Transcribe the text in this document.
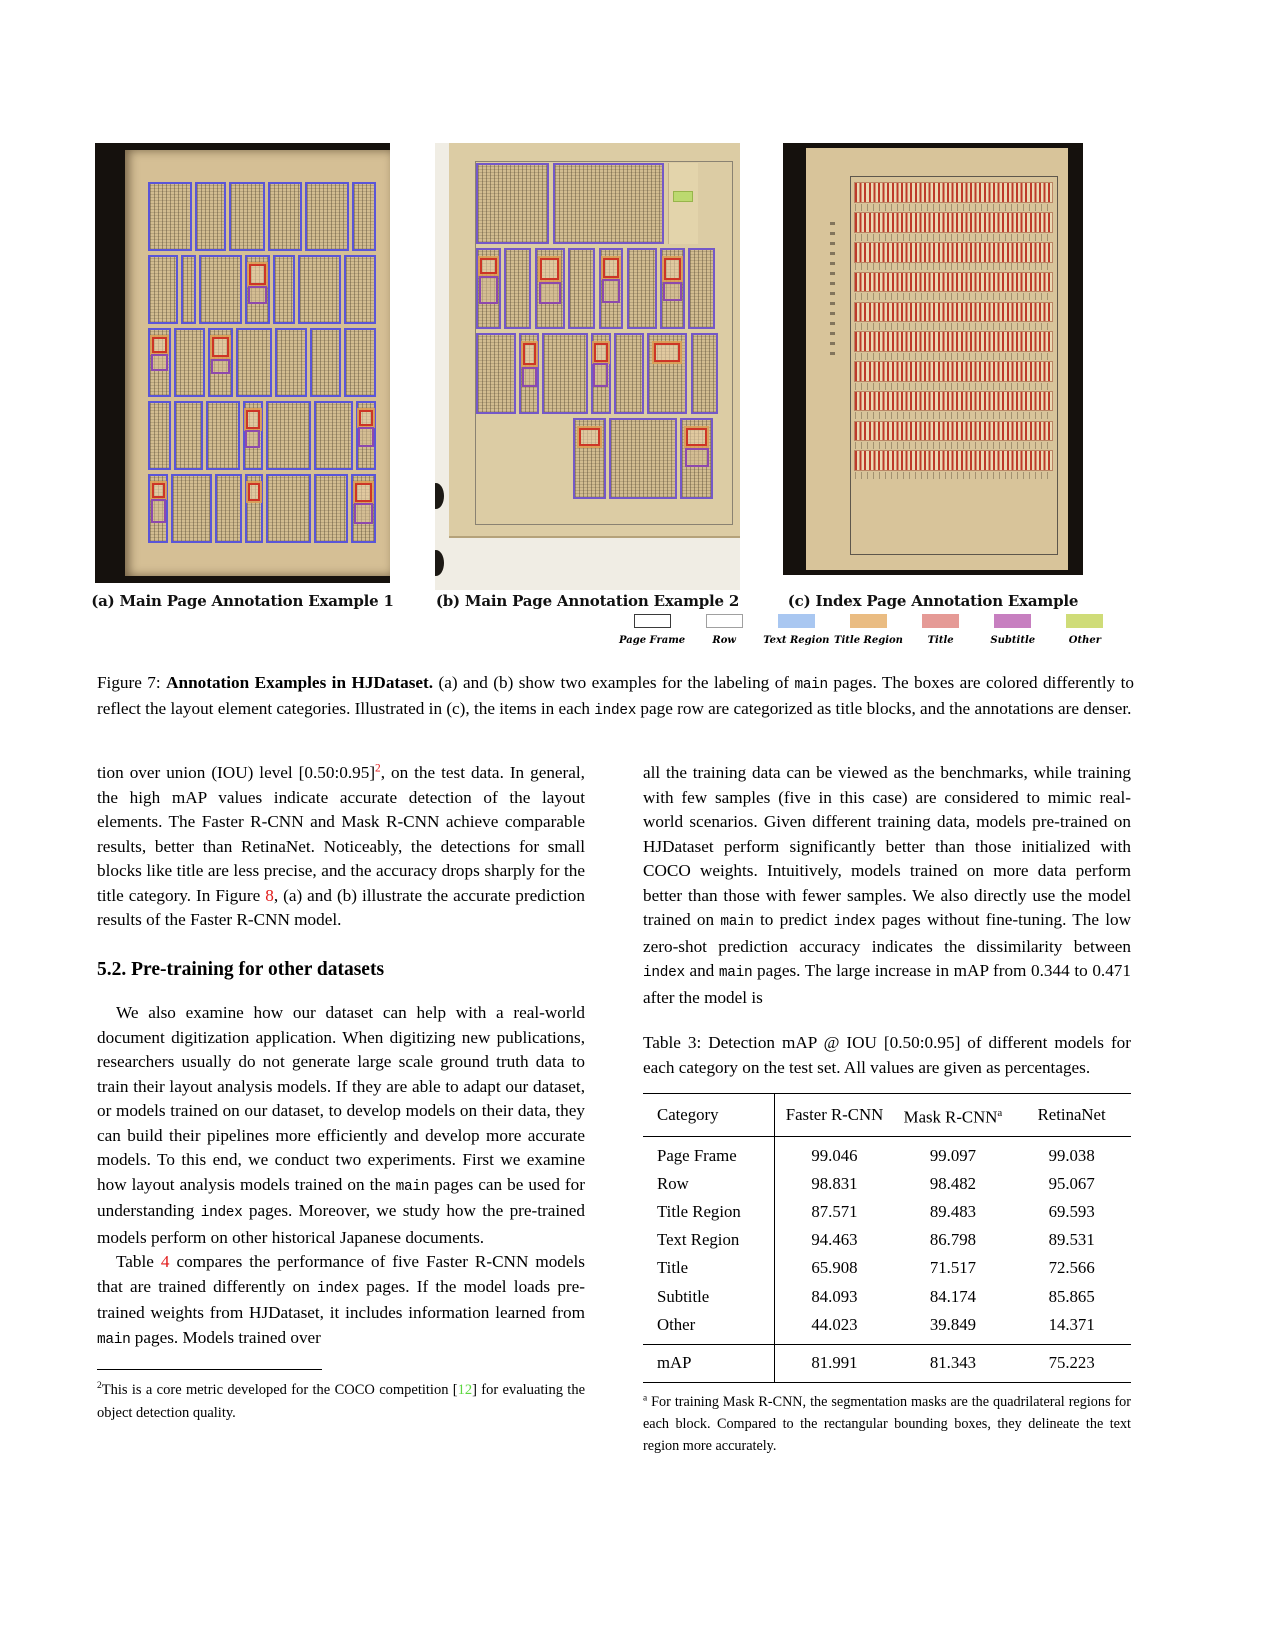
(a) Main Page Annotation Example 1	(b) Main Page Annotation Example 2	(c) Index Page Annotation Example
Page Frame	Row	Text Region Title Region Title	Subtitle	Other
Figure 7: Annotation Examples in HJDataset. (a) and (b) show two examples for the labeling of main pages. The boxes are colored differently to reflect the layout element categories. Illustrated in (c), the items in each index page row are categorized as title blocks, and the annotations are denser.

tion over union (IOU) level [0.50:0.95]$^2$, on the test data. In general, the high mAP values indicate accurate detection of the layout elements. The Faster R-CNN and Mask R-CNN achieve comparable results, better than RetinaNet. Noticeably, the detections for small blocks like title are less precise, and the accuracy drops sharply for the title category. In Figure 8, (a) and (b) illustrate the accurate prediction results of the Faster R-CNN model.

5.2. Pre-training for other datasets

We also examine how our dataset can help with a real-world document digitization application. When digitizing new publications, researchers usually do not generate large scale ground truth data to train their layout analysis models. If they are able to adapt our dataset, or models trained on our dataset, to develop models on their data, they can build their pipelines more efficiently and develop more accurate models. To this end, we conduct two experiments. First we examine how layout analysis models trained on the main pages can be used for understanding index pages. Moreover, we study how the pre-trained models perform on other historical Japanese documents.

Table 4 compares the performance of five Faster R-CNN models that are trained differently on index pages. If the model loads pre-trained weights from HJDataset, it includes information learned from main pages. Models trained over

$^2$This is a core metric developed for the COCO competition [12] for evaluating the object detection quality.

all the training data can be viewed as the benchmarks, while training with few samples (five in this case) are considered to mimic real-world scenarios. Given different training data, models pre-trained on HJDataset perform significantly better than those initialized with COCO weights. Intuitively, models trained on more data perform better than those with fewer samples. We also directly use the model trained on main to predict index pages without fine-tuning. The low zero-shot prediction accuracy indicates the dissimilarity between index and main pages. The large increase in mAP from 0.344 to 0.471 after the model is

Table 3: Detection mAP @ IOU [0.50:0.95] of different models for each category on the test set. All values are given as percentages.

Category	Faster R-CNN	Mask R-CNN$^a$	RetinaNet
Page Frame	99.046	99.097	99.038
Row	98.831	98.482	95.067
Title Region	87.571	89.483	69.593
Text Region	94.463	86.798	89.531
Title	65.908	71.517	72.566
Subtitle	84.093	84.174	85.865
Other	44.023	39.849	14.371
mAP	81.991	81.343	75.223

$^a$ For training Mask R-CNN, the segmentation masks are the quadrilateral regions for each block. Compared to the rectangular bounding boxes, they delineate the text region more accurately.
